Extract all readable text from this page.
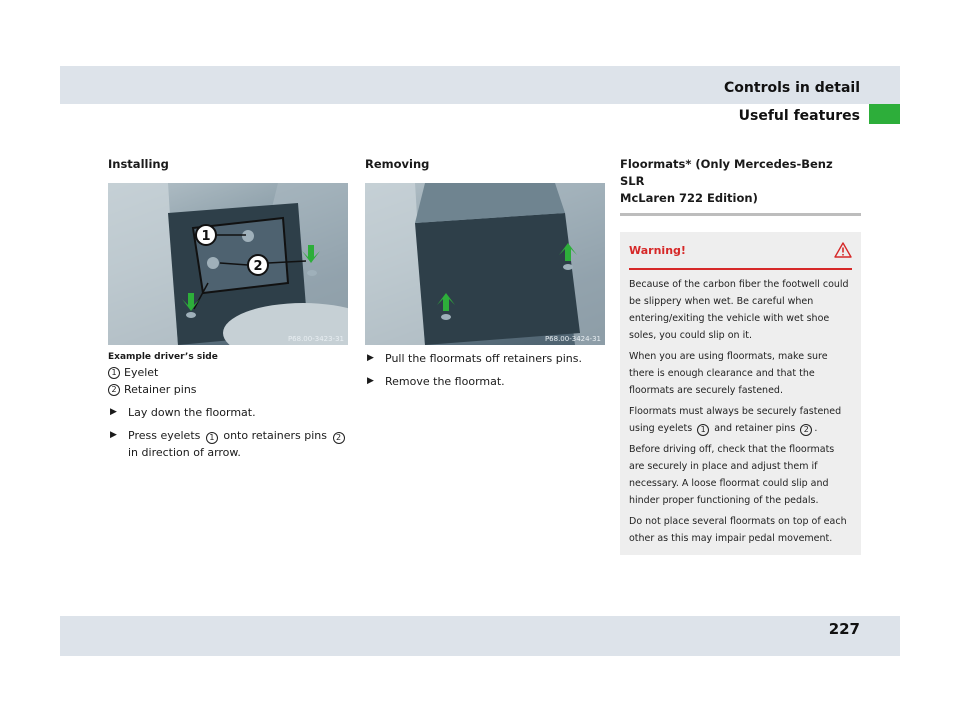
Controls in detail
Useful features
Installing
1
2
P68.00-3423-31
Example driver’s side
1 Eyelet
2 Retainer pins
▶	Lay down the floormat.
▶	Press eyelets 1 onto retainers pins 2 in direction of arrow.
Removing
P68.00-3424-31
▶	Pull the floormats off retainers pins.
▶	Remove the floormat.
Floormats* (Only Mercedes-Benz SLR
McLaren 722 Edition)
Warning!

Because of the carbon fiber the footwell could be slippery when wet. Be careful when entering/exiting the vehicle with wet shoe soles, you could slip on it.

When you are using floormats, make sure there is enough clearance and that the floormats are securely fastened.

Floormats must always be securely fastened using eyelets 1 and retainer pins 2 .

Before driving off, check that the floormats are securely in place and adjust them if necessary. A loose floormat could slip and hinder proper functioning of the pedals.

Do not place several floormats on top of each other as this may impair pedal movement.

227
